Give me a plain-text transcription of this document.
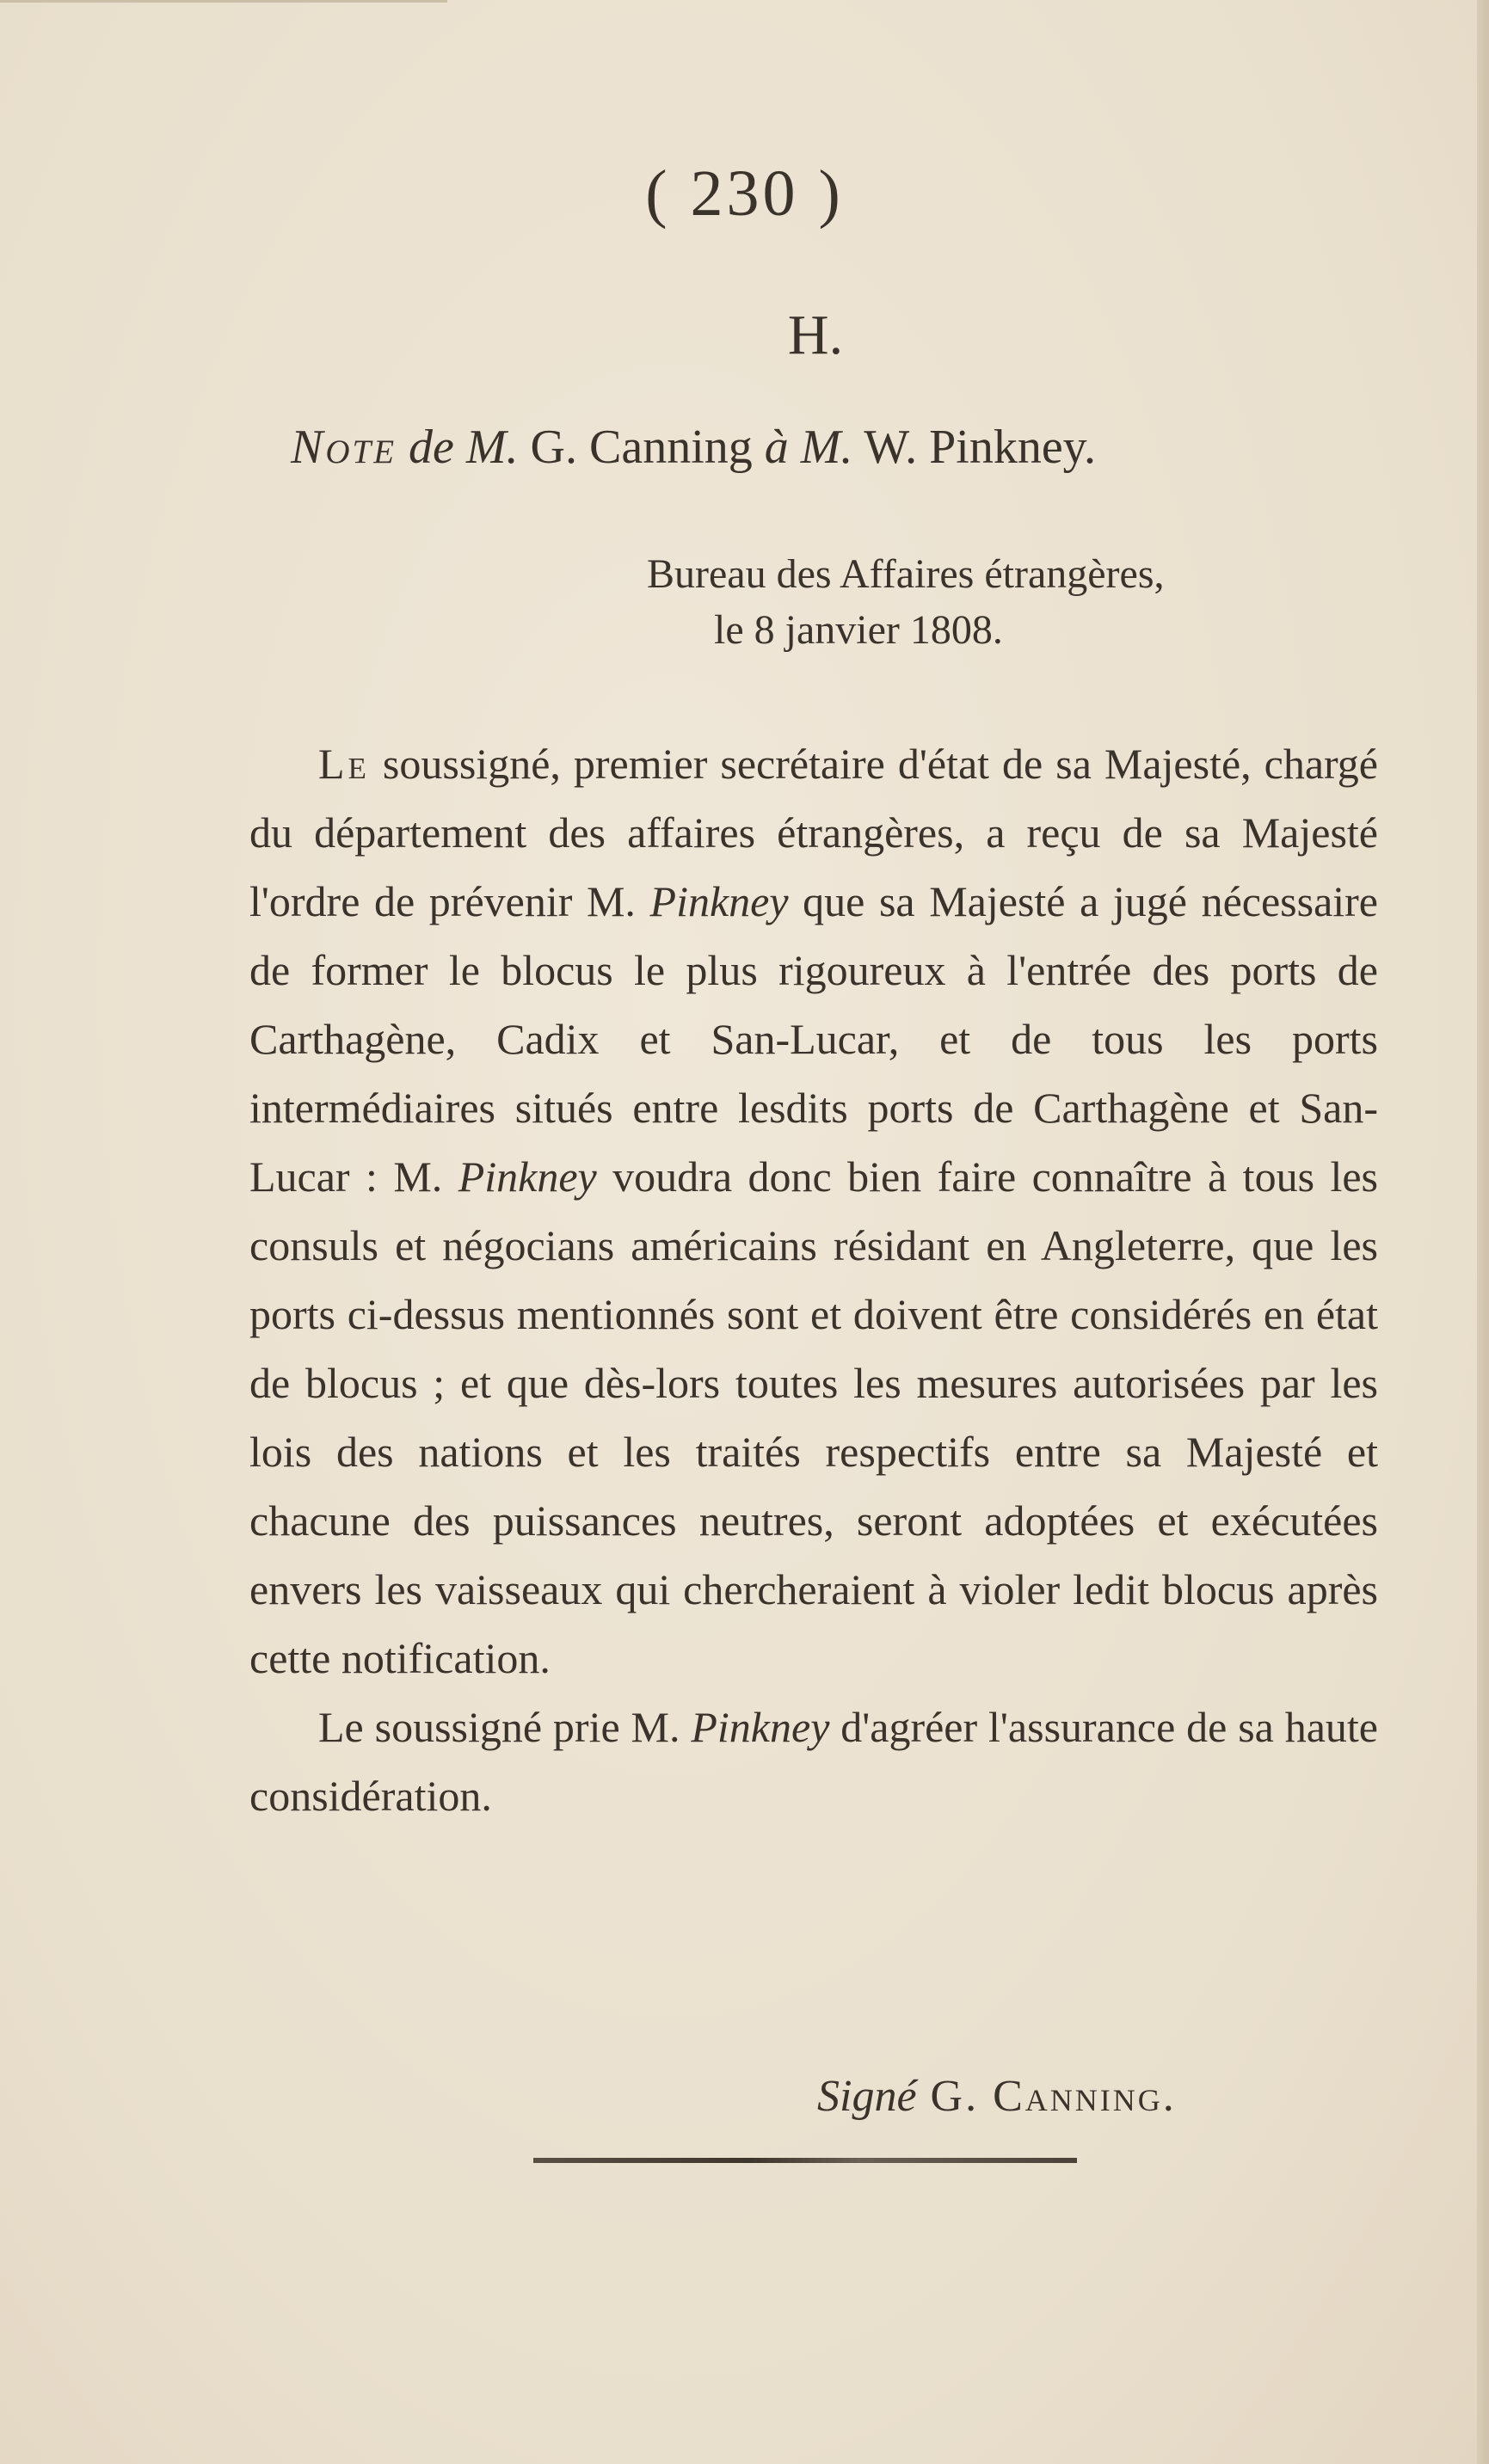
( 230 )
H.
Note de M. G. Canning à M. W. Pinkney.
Bureau des Affaires étrangères,
le 8 janvier 1808.

Le soussigné, premier secrétaire d'état de sa Majesté, chargé du département des affaires étrangères, a reçu de sa Majesté l'ordre de prévenir M. Pinkney que sa Majesté a jugé nécessaire de former le blocus le plus rigoureux à l'entrée des ports de Carthagène, Cadix et San-Lucar, et de tous les ports intermédiaires situés entre lesdits ports de Carthagène et San-Lucar : M. Pinkney voudra donc bien faire connaître à tous les consuls et négocians américains résidant en Angleterre, que les ports ci-dessus mentionnés sont et doivent être considérés en état de blocus ; et que dès-lors toutes les mesures autorisées par les lois des nations et les traités respectifs entre sa Majesté et chacune des puissances neutres, seront adoptées et exécutées envers les vaisseaux qui chercheraient à violer ledit blocus après cette notification.

Le soussigné prie M. Pinkney d'agréer l'assurance de sa haute considération.

Signé G. Canning.
